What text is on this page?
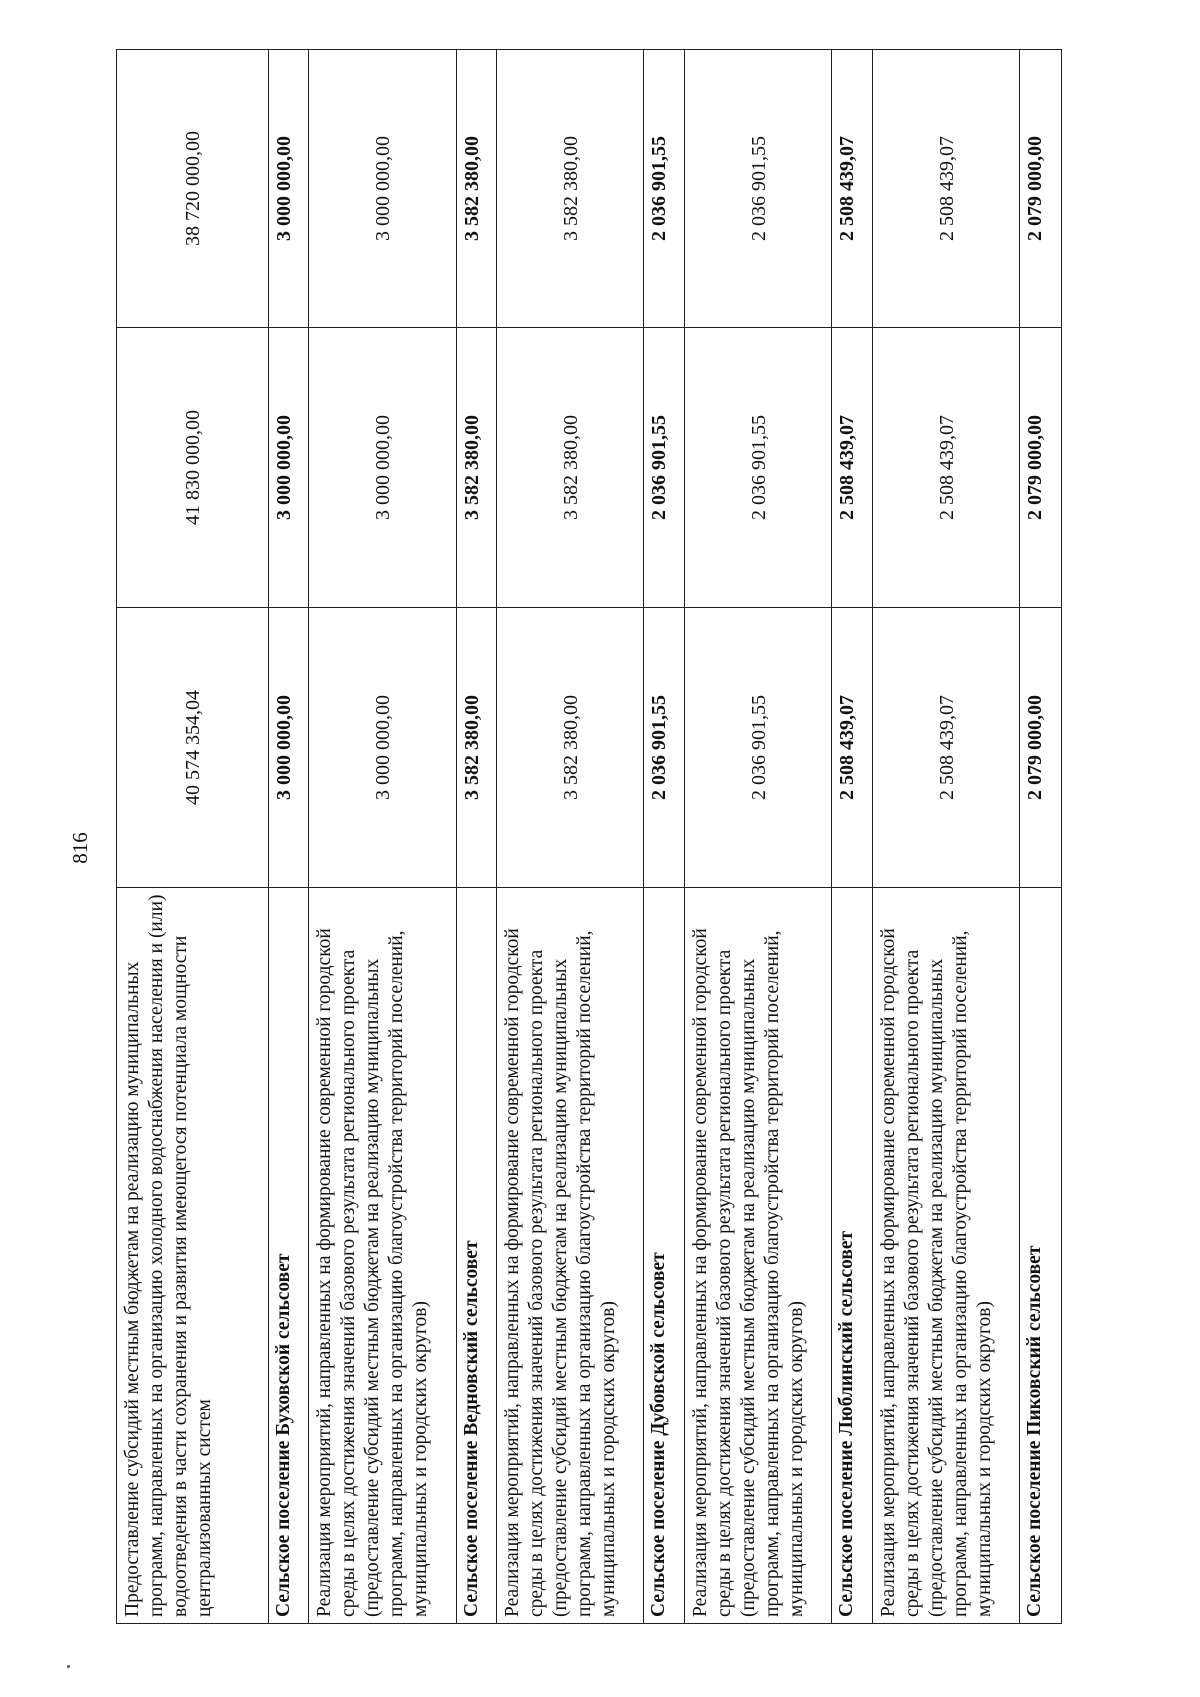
816
Предоставление субсидий местным бюджетам на реализацию муниципальных программ, направленных на организацию холодного водоснабжения населения и (или) водоотведения в части сохранения и развития имеющегося потенциала мощности централизованных систем	40 574 354,04	41 830 000,00	38 720 000,00
Сельское поселение Буховской сельсовет	3 000 000,00	3 000 000,00	3 000 000,00
Реализация мероприятий, направленных на формирование современной городской среды в целях достижения значений базового результата регионального проекта (предоставление субсидий местным бюджетам на реализацию муниципальных программ, направленных на организацию благоустройства территорий поселений, муниципальных и городских округов)	3 000 000,00	3 000 000,00	3 000 000,00
Сельское поселение Ведновский сельсовет	3 582 380,00	3 582 380,00	3 582 380,00
Реализация мероприятий, направленных на формирование современной городской среды в целях достижения значений базового результата регионального проекта (предоставление субсидий местным бюджетам на реализацию муниципальных программ, направленных на организацию благоустройства территорий поселений, муниципальных и городских округов)	3 582 380,00	3 582 380,00	3 582 380,00
Сельское поселение Дубовской сельсовет	2 036 901,55	2 036 901,55	2 036 901,55
Реализация мероприятий, направленных на формирование современной городской среды в целях достижения значений базового результата регионального проекта (предоставление субсидий местным бюджетам на реализацию муниципальных программ, направленных на организацию благоустройства территорий поселений, муниципальных и городских округов)	2 036 901,55	2 036 901,55	2 036 901,55
Сельское поселение Люблинский сельсовет	2 508 439,07	2 508 439,07	2 508 439,07
Реализация мероприятий, направленных на формирование современной городской среды в целях достижения значений базового результата регионального проекта (предоставление субсидий местным бюджетам на реализацию муниципальных программ, направленных на организацию благоустройства территорий поселений, муниципальных и городских округов)	2 508 439,07	2 508 439,07	2 508 439,07
Сельское поселение Пиковский сельсовет	2 079 000,00	2 079 000,00	2 079 000,00
